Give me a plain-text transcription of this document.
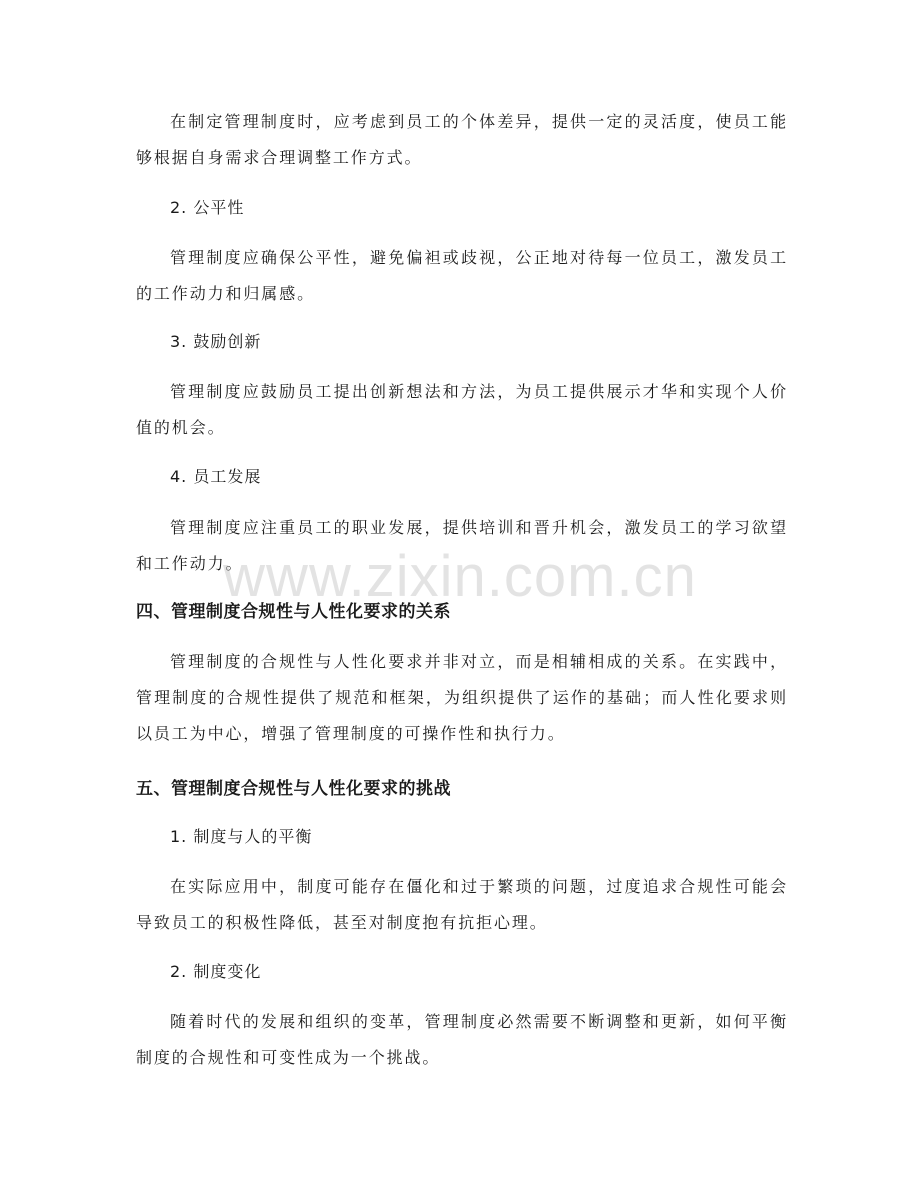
在制定管理制度时，应考虑到员工的个体差异，提供一定的灵活度，使员工能够根据自身需求合理调整工作方式。

2. 公平性

管理制度应确保公平性，避免偏袒或歧视，公正地对待每一位员工，激发员工的工作动力和归属感。

3. 鼓励创新

管理制度应鼓励员工提出创新想法和方法，为员工提供展示才华和实现个人价值的机会。

4. 员工发展

管理制度应注重员工的职业发展，提供培训和晋升机会，激发员工的学习欲望和工作动力。

四、管理制度合规性与人性化要求的关系

管理制度的合规性与人性化要求并非对立，而是相辅相成的关系。在实践中，管理制度的合规性提供了规范和框架，为组织提供了运作的基础；而人性化要求则以员工为中心，增强了管理制度的可操作性和执行力。

五、管理制度合规性与人性化要求的挑战

1. 制度与人的平衡

在实际应用中，制度可能存在僵化和过于繁琐的问题，过度追求合规性可能会导致员工的积极性降低，甚至对制度抱有抗拒心理。

2. 制度变化

随着时代的发展和组织的变革，管理制度必然需要不断调整和更新，如何平衡制度的合规性和可变性成为一个挑战。

www.zixin.com.cn
